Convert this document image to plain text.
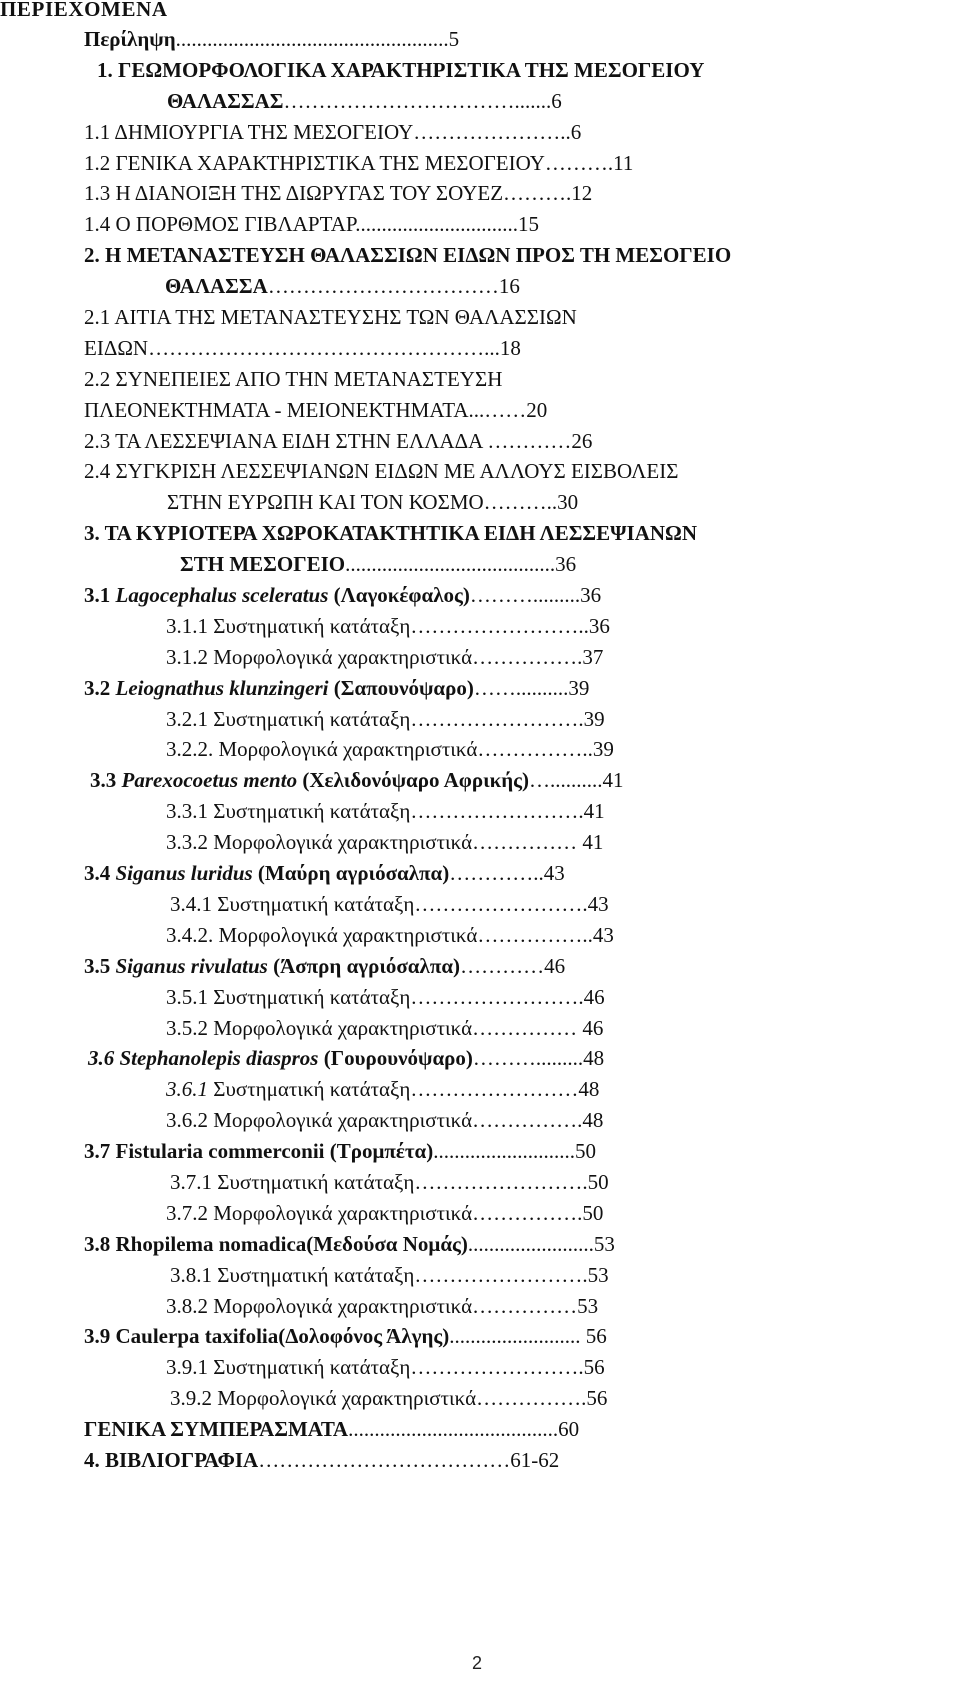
ΠΕΡΙΕΧΟΜΕΝΑ
Περίληψη....................................................5
1. ΓΕΩΜΟΡΦΟΛΟΓΙΚΑ ΧΑΡΑΚΤΗΡΙΣΤΙΚΑ ΤΗΣ ΜΕΣΟΓΕΙΟΥ
ΘΑΛΑΣΣΑΣ…………………………….......6
1.1 ΔΗΜΙΟΥΡΓΙΑ ΤΗΣ ΜΕΣΟΓΕΙΟΥ…………………..6
1.2 ΓΕΝΙΚΑ ΧΑΡΑΚΤΗΡΙΣΤΙΚΑ ΤΗΣ ΜΕΣΟΓΕΙΟΥ……….11
1.3 Η ΔΙΑΝΟΙΞΗ ΤΗΣ ΔΙΩΡΥΓΑΣ ΤΟΥ ΣΟΥΕΖ……….12
1.4 Ο ΠΟΡΘΜΟΣ ΓΙΒΛΑΡΤΑΡ...............................15
2. Η ΜΕΤΑΝΑΣΤΕΥΣΗ ΘΑΛΑΣΣΙΩΝ ΕΙΔΩΝ ΠΡΟΣ ΤΗ ΜΕΣΟΓΕΙΟ
ΘΑΛΑΣΣΑ……………………………16
2.1 ΑΙΤΙΑ ΤΗΣ ΜΕΤΑΝΑΣΤΕΥΣΗΣ ΤΩΝ ΘΑΛΑΣΣΙΩΝ
ΕΙΔΩΝ…………………………………………...18
2.2 ΣΥΝΕΠΕΙΕΣ ΑΠΟ ΤΗΝ ΜΕΤΑΝΑΣΤΕΥΣΗ
ΠΛΕΟΝΕΚΤΗΜΑΤΑ - ΜΕΙΟΝΕΚΤΗΜΑΤΑ...……20
2.3 ΤΑ ΛΕΣΣΕΨΙΑΝΑ ΕΙΔΗ ΣΤΗΝ ΕΛΛΑΔΑ …………26
2.4 ΣΥΓΚΡΙΣΗ ΛΕΣΣΕΨΙΑΝΩΝ ΕΙΔΩΝ ΜΕ ΑΛΛΟΥΣ ΕΙΣΒΟΛΕΙΣ
ΣΤΗΝ ΕΥΡΩΠΗ ΚΑΙ ΤΟΝ ΚΟΣΜΟ………..30
3. ΤΑ ΚΥΡΙΟΤΕΡΑ ΧΩΡΟΚΑΤΑΚΤΗΤΙΚΑ ΕΙΔΗ ΛΕΣΣΕΨΙΑΝΩΝ
ΣΤΗ ΜΕΣΟΓΕΙΟ........................................36
3.1 Lagocephalus sceleratus (Λαγοκέφαλος)……….........36
3.1.1 Συστηματική κατάταξη……………………..36
3.1.2 Μορφολογικά χαρακτηριστικά…………….37
3.2 Leiognathus klunzingeri (Σαπουνόψαρο)……..........39
3.2.1 Συστηματική κατάταξη…………………….39
3.2.2. Μορφολογικά χαρακτηριστικά……………..39
3.3 Parexocoetus mento (Χελιδονόψαρο Αφρικής)…..........41
3.3.1 Συστηματική κατάταξη…………………….41
3.3.2 Μορφολογικά χαρακτηριστικά…………… 41
3.4 Siganus luridus (Μαύρη αγριόσαλπα)…………..43
3.4.1 Συστηματική κατάταξη…………………….43
3.4.2. Μορφολογικά χαρακτηριστικά……………..43
3.5 Siganus rivulatus (Άσπρη αγριόσαλπα)…………46
3.5.1 Συστηματική κατάταξη…………………….46
3.5.2 Μορφολογικά χαρακτηριστικά…………… 46
3.6 Stephanolepis diaspros (Γουρουνόψαρο)……….........48
3.6.1 Συστηματική κατάταξη……………………48
3.6.2 Μορφολογικά χαρακτηριστικά…………….48
3.7 Fistularia commerconii (Τρομπέτα)...........................50
3.7.1 Συστηματική κατάταξη…………………….50
3.7.2 Μορφολογικά χαρακτηριστικά…………….50
3.8 Rhopilema nomadica(Μεδούσα Νομάς)........................53
3.8.1 Συστηματική κατάταξη…………………….53
3.8.2 Μορφολογικά χαρακτηριστικά……………53
3.9 Caulerpa taxifolia(Δολοφόνος Άλγης)......................... 56
3.9.1 Συστηματική κατάταξη…………………….56
3.9.2 Μορφολογικά χαρακτηριστικά…………….56
ΓΕΝΙΚΑ ΣΥΜΠΕΡΑΣΜΑΤΑ........................................60
4. ΒΙΒΛΙΟΓΡΑΦΙΑ………………………………61-62
2
